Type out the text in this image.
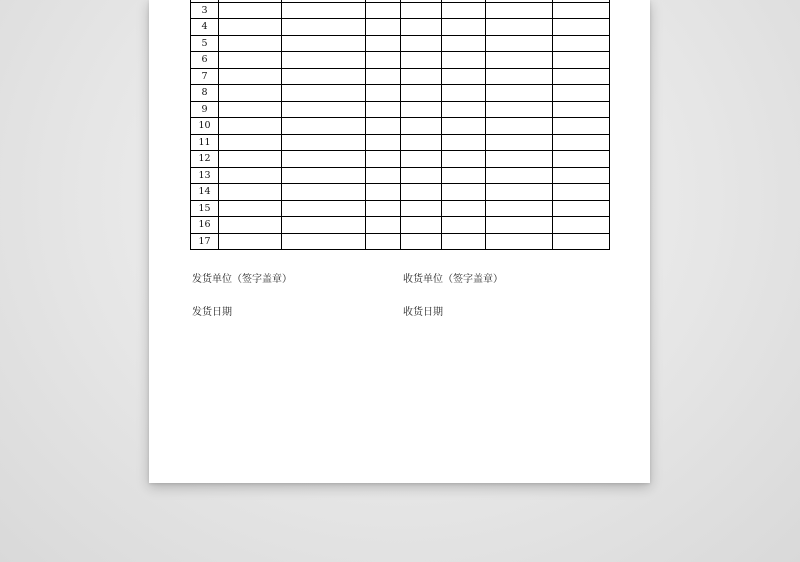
3							
4							
5							
6							
7							
8							
9							
10							
11							
12							
13							
14							
15							
16							
17							
发货单位（签字盖章）	收货单位（签字盖章）
发货日期	收货日期
